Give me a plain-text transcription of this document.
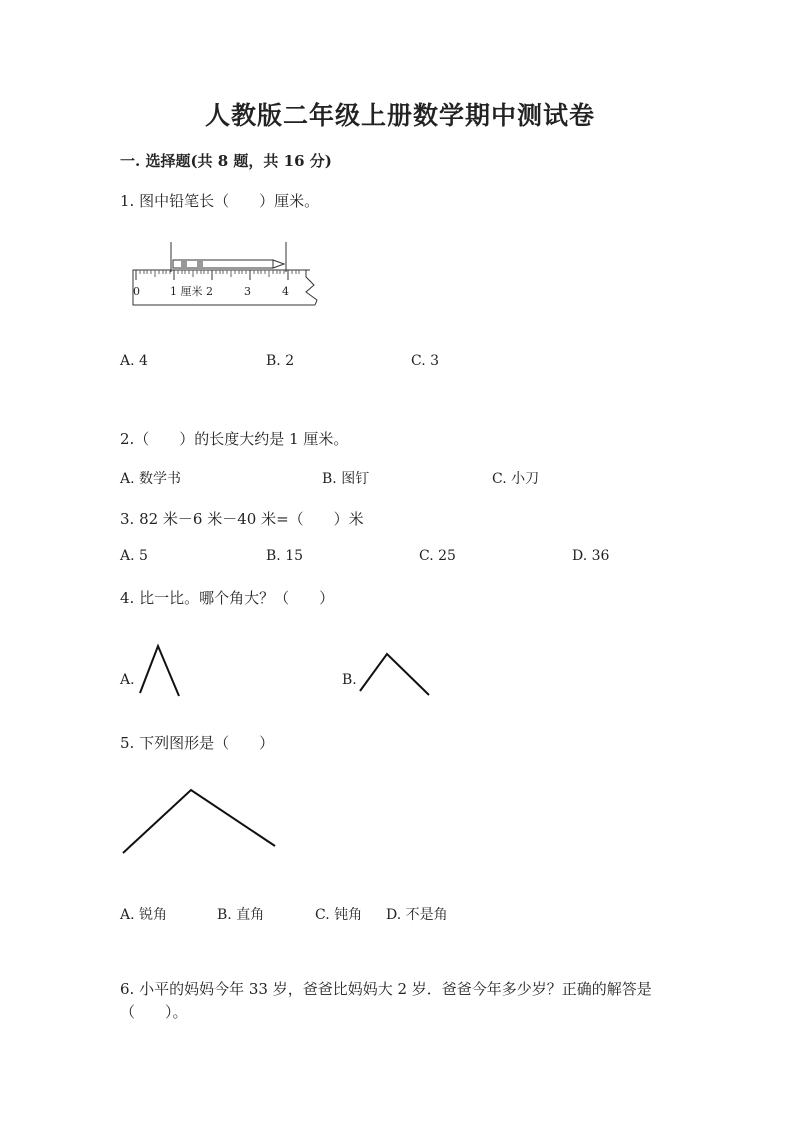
人教版二年级上册数学期中测试卷
一. 选择题(共 8 题，共 16 分)
1. 图中铅笔长（　　）厘米。
0	1 厘米 2	3	4
A. 4	B. 2	C. 3
2.（　　）的长度大约是 1 厘米。
A. 数学书	B. 图钉	C. 小刀
3. 82 米－6 米－40 米=（　　）米
A. 5	B. 15	C. 25	D. 36
4. 比一比。哪个角大？（　　）
A.	B.
5. 下列图形是（　　）
A. 锐角	B. 直角	C. 钝角 D. 不是角
6. 小平的妈妈今年 33 岁，爸爸比妈妈大 2 岁．爸爸今年多少岁？正确的解答是
（　　）。
